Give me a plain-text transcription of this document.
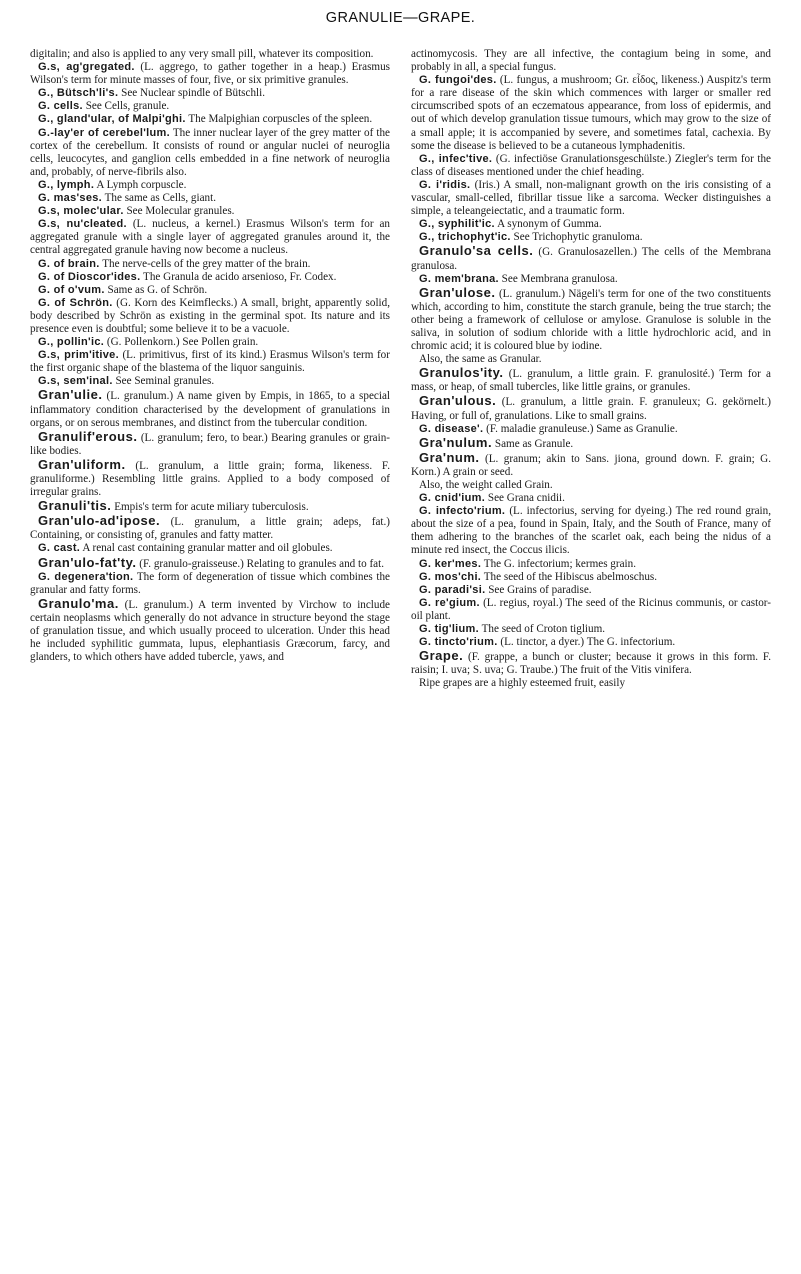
GRANULIE—GRAPE.

digitalin; and also is applied to any very small pill, whatever its composition.

G.s, ag'gregated. (L. aggrego, to gather together in a heap.) Erasmus Wilson's term for minute masses of four, five, or six primitive granules.

G., Bütsch'li's. See Nuclear spindle of Bütschli.

G. cells. See Cells, granule.

G., gland'ular, of Malpi'ghi. The Malpighian corpuscles of the spleen.

G.-lay'er of cerebel'lum. The inner nuclear layer of the grey matter of the cortex of the cerebellum. It consists of round or angular nuclei of neuroglia cells, leucocytes, and ganglion cells embedded in a fine network of neuroglia and, probably, of nerve-fibrils also.

G., lymph. A Lymph corpuscle.

G. mas'ses. The same as Cells, giant.

G.s, molec'ular. See Molecular granules.

G.s, nu'cleated. (L. nucleus, a kernel.) Erasmus Wilson's term for an aggregated granule with a single layer of aggregated granules around it, the central aggregated granule having now become a nucleus.

G. of brain. The nerve-cells of the grey matter of the brain.

G. of Dioscor'ides. The Granula de acido arsenioso, Fr. Codex.

G. of o'vum. Same as G. of Schrön.

G. of Schrön. (G. Korn des Keimflecks.) A small, bright, apparently solid, body described by Schrön as existing in the germinal spot. Its nature and its presence even is doubtful; some believe it to be a vacuole.

G., pollin'ic. (G. Pollenkorn.) See Pollen grain.

G.s, prim'itive. (L. primitivus, first of its kind.) Erasmus Wilson's term for the first organic shape of the blastema of the liquor sanguinis.

G.s, sem'inal. See Seminal granules.

Gran'ulie. (L. granulum.) A name given by Empis, in 1865, to a special inflammatory condition characterised by the development of granulations in organs, or on serous membranes, and distinct from the tubercular condition.

Granulif'erous. (L. granulum; fero, to bear.) Bearing granules or grain-like bodies.

Gran'uliform. (L. granulum, a little grain; forma, likeness. F. granuliforme.) Resembling little grains. Applied to a body composed of irregular grains.

Granuli'tis. Empis's term for acute miliary tuberculosis.

Gran'ulo-ad'ipose. (L. granulum, a little grain; adeps, fat.) Containing, or consisting of, granules and fatty matter.

G. cast. A renal cast containing granular matter and oil globules.

Gran'ulo-fat'ty. (F. granulo-graisseuse.) Relating to granules and to fat.

G. degenera'tion. The form of degeneration of tissue which combines the granular and fatty forms.

Granulo'ma. (L. granulum.) A term invented by Virchow to include certain neoplasms which generally do not advance in structure beyond the stage of granulation tissue, and which usually proceed to ulceration. Under this head he included syphilitic gummata, lupus, elephantiasis Græcorum, farcy, and glanders, to which others have added tubercle, yaws, and

actinomycosis. They are all infective, the contagium being in some, and probably in all, a special fungus.

G. fungoi'des. (L. fungus, a mushroom; Gr. εἶδος, likeness.) Auspitz's term for a rare disease of the skin which commences with larger or smaller red circumscribed spots of an eczematous appearance, from loss of epidermis, and out of which develop granulation tissue tumours, which may grow to the size of a small apple; it is accompanied by severe, and sometimes fatal, cachexia. By some the disease is believed to be a cutaneous lymphadenitis.

G., infec'tive. (G. infectiöse Granulationsgeschülste.) Ziegler's term for the class of diseases mentioned under the chief heading.

G. i'ridis. (Iris.) A small, non-malignant growth on the iris consisting of a vascular, small-celled, fibrillar tissue like a sarcoma. Wecker distinguishes a simple, a teleangeiectatic, and a traumatic form.

G., syphilit'ic. A synonym of Gumma.

G., trichophyt'ic. See Trichophytic granuloma.

Granulo'sa cells. (G. Granulosazellen.) The cells of the Membrana granulosa.

G. mem'brana. See Membrana granulosa.

Gran'ulose. (L. granulum.) Nägeli's term for one of the two constituents which, according to him, constitute the starch granule, being the true starch; the other being a framework of cellulose or amylose. Granulose is soluble in the saliva, in solution of sodium chloride with a little hydrochloric acid, and in chromic acid; it is coloured blue by iodine.

Also, the same as Granular.

Granulos'ity. (L. granulum, a little grain. F. granulosité.) Term for a mass, or heap, of small tubercles, like little grains, or granules.

Gran'ulous. (L. granulum, a little grain. F. granuleux; G. gekörnelt.) Having, or full of, granulations. Like to small grains.

G. disease'. (F. maladie granuleuse.) Same as Granulie.

Gra'nulum. Same as Granule.

Gra'num. (L. granum; akin to Sans. jiona, ground down. F. grain; G. Korn.) A grain or seed.

Also, the weight called Grain.

G. cnid'ium. See Grana cnidii.

G. infecto'rium. (L. infectorius, serving for dyeing.) The red round grain, about the size of a pea, found in Spain, Italy, and the South of France, many of them adhering to the branches of the scarlet oak, each being the nidus of a minute red insect, the Coccus ilicis.

G. ker'mes. The G. infectorium; kermes grain.

G. mos'chi. The seed of the Hibiscus abelmoschus.

G. paradi'si. See Grains of paradise.

G. re'gium. (L. regius, royal.) The seed of the Ricinus communis, or castor-oil plant.

G. tig'lium. The seed of Croton tiglium.

G. tincto'rium. (L. tinctor, a dyer.) The G. infectorium.

Grape. (F. grappe, a bunch or cluster; because it grows in this form. F. raisin; I. uva; S. uva; G. Traube.) The fruit of the Vitis vinifera.

Ripe grapes are a highly esteemed fruit, easily
